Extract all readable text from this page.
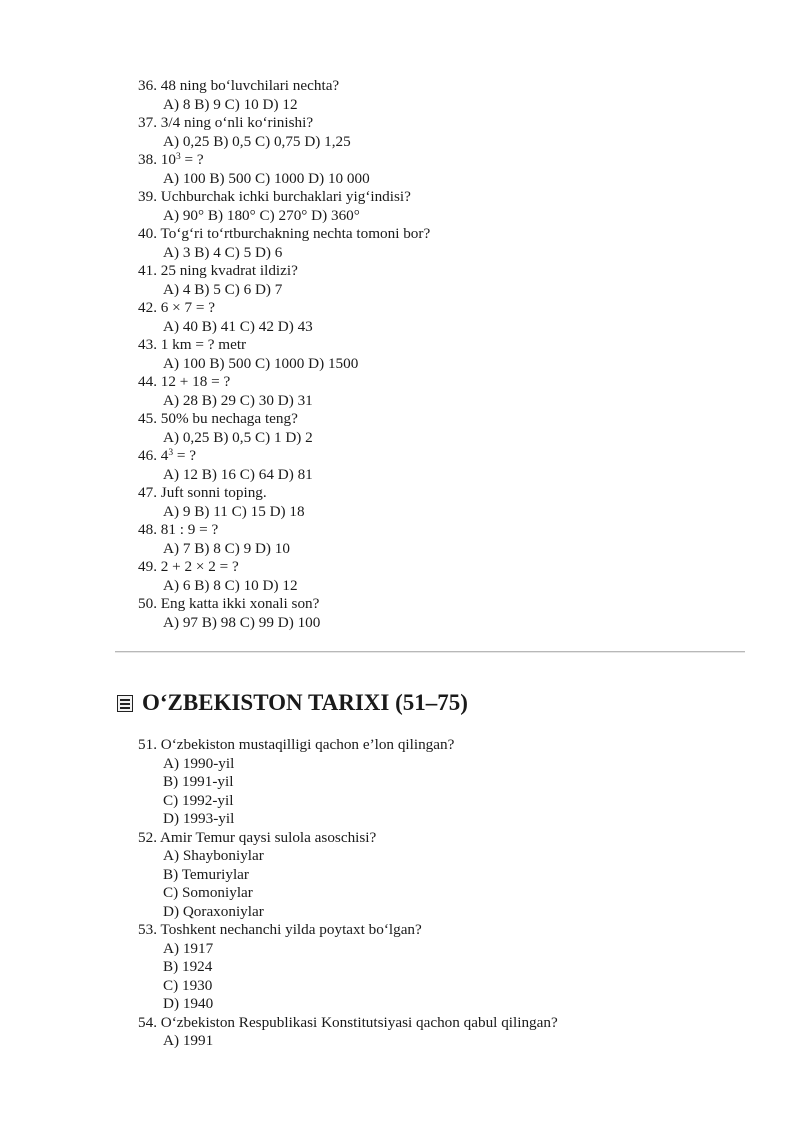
36. 48 ning bo‘luvchilari nechta?

A) 8 B) 9 C) 10 D) 12

37. 3/4 ning o‘nli ko‘rinishi?

A) 0,25 B) 0,5 C) 0,75 D) 1,25

38. $10^3$ = ?

A) 100 B) 500 C) 1000 D) 10 000

39. Uchburchak ichki burchaklari yig‘indisi?

A) 90° B) 180° C) 270° D) 360°

40. To‘g‘ri to‘rtburchakning nechta tomoni bor?

A) 3 B) 4 C) 5 D) 6

41. 25 ning kvadrat ildizi?

A) 4 B) 5 C) 6 D) 7

42. 6 × 7 = ?

A) 40 B) 41 C) 42 D) 43

43. 1 km = ? metr

A) 100 B) 500 C) 1000 D) 1500

44. 12 + 18 = ?

A) 28 B) 29 C) 30 D) 31

45. 50% bu nechaga teng?

A) 0,25 B) 0,5 C) 1 D) 2

46. $4^3$ = ?

A) 12 B) 16 C) 64 D) 81

47. Juft sonni toping.

A) 9 B) 11 C) 15 D) 18

48. 81 : 9 = ?

A) 7 B) 8 C) 9 D) 10

49. 2 + 2 × 2 = ?

A) 6 B) 8 C) 10 D) 12

50. Eng katta ikki xonali son?

A) 97 B) 98 C) 99 D) 100

O‘ZBEKISTON TARIXI (51–75)

51. O‘zbekiston mustaqilligi qachon e’lon qilingan?

A) 1990-yil

B) 1991-yil

C) 1992-yil

D) 1993-yil

52. Amir Temur qaysi sulola asoschisi?

A) Shayboniylar

B) Temuriylar

C) Somoniylar

D) Qoraxoniylar

53. Toshkent nechanchi yilda poytaxt bo‘lgan?

A) 1917

B) 1924

C) 1930

D) 1940

54. O‘zbekiston Respublikasi Konstitutsiyasi qachon qabul qilingan?

A) 1991
